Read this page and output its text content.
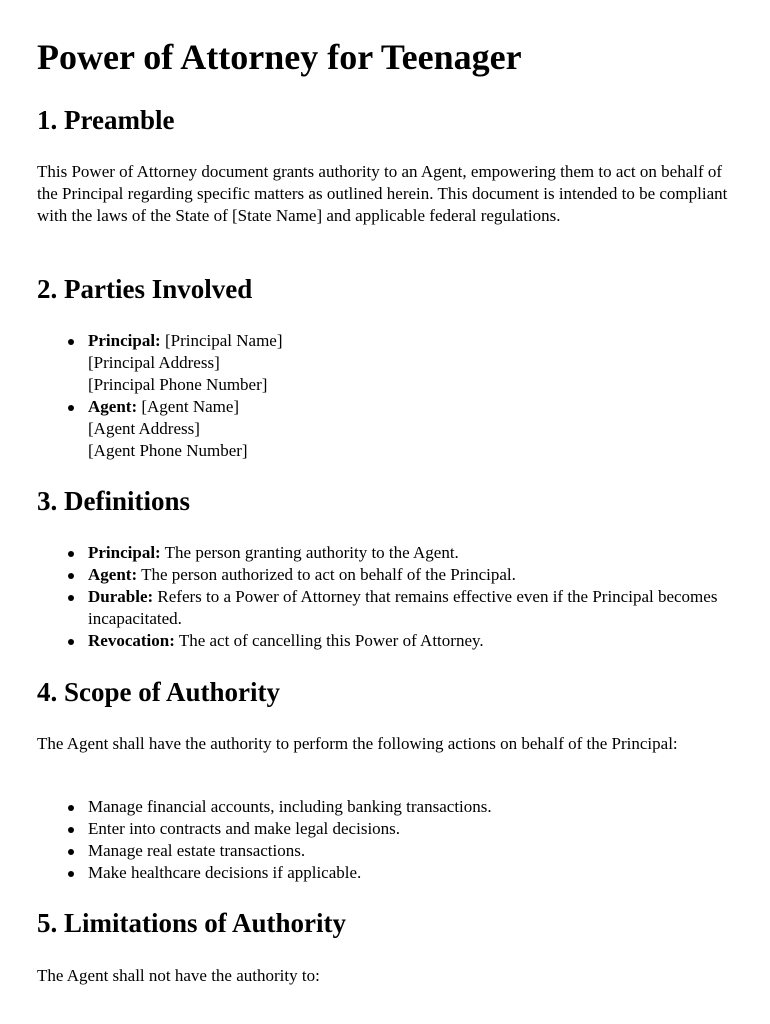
Power of Attorney for Teenager
1. Preamble

This Power of Attorney document grants authority to an Agent, empowering them to act on behalf of the Principal regarding specific matters as outlined herein. This document is intended to be compliant with the laws of the State of [State Name] and applicable federal regulations.

2. Parties Involved
Principal: [Principal Name]
[Principal Address]
[Principal Phone Number]
Agent: [Agent Name]
[Agent Address]
[Agent Phone Number]
3. Definitions
Principal: The person granting authority to the Agent.
Agent: The person authorized to act on behalf of the Principal.
Durable: Refers to a Power of Attorney that remains effective even if the Principal becomes incapacitated.
Revocation: The act of cancelling this Power of Attorney.
4. Scope of Authority

The Agent shall have the authority to perform the following actions on behalf of the Principal:

Manage financial accounts, including banking transactions.
Enter into contracts and make legal decisions.
Manage real estate transactions.
Make healthcare decisions if applicable.
5. Limitations of Authority

The Agent shall not have the authority to:
